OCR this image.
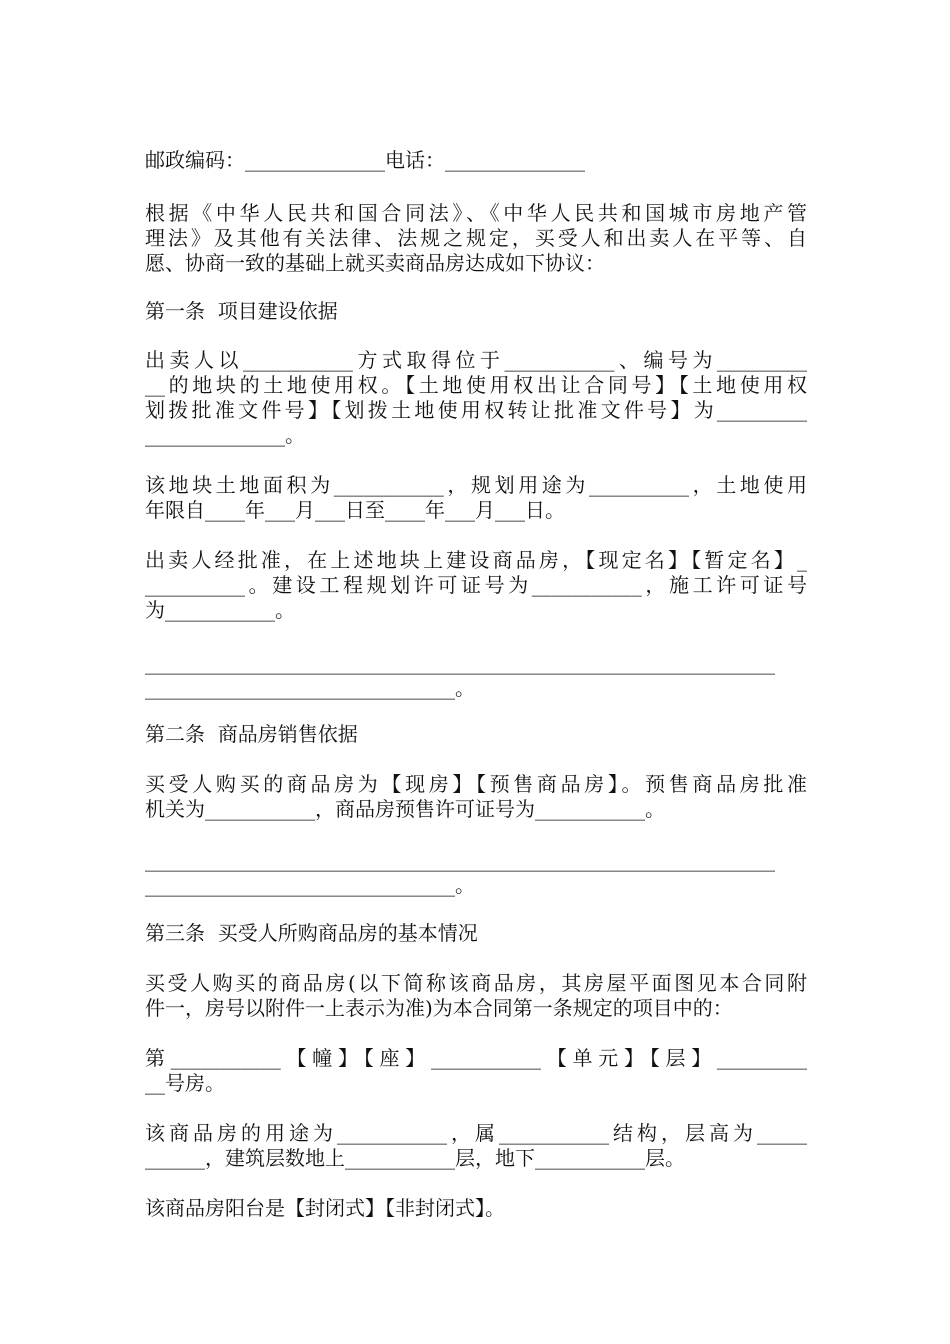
邮政编码：______________电话：______________
根据《中华人民共和国合同法》、《中华人民共和国城市房地产管
理法》及其他有关法律、法规之规定，买受人和出卖人在平等、自
愿、协商一致的基础上就买卖商品房达成如下协议：
第一条  项目建设依据
出卖人以___________方式取得位于___________、编号为_________
__的地块的土地使用权。【土地使用权出让合同号】【土地使用权
划拨批准文件号】【划拨土地使用权转让批准文件号】为_________
______________。
该地块土地面积为___________，规划用途为__________，土地使用
年限自____年___月___日至____年___月___日。
出卖人经批准，在上述地块上建设商品房，【现定名】【暂定名】_
__________。建设工程规划许可证号为___________，施工许可证号
为___________。
_______________________________________________________________
_______________________________。
第二条  商品房销售依据
买受人购买的商品房为【现房】【预售商品房】。预售商品房批准
机关为___________，商品房预售许可证号为___________。
_______________________________________________________________
_______________________________。
第三条  买受人所购商品房的基本情况
买受人购买的商品房(以下简称该商品房，其房屋平面图见本合同附
件一，房号以附件一上表示为准)为本合同第一条规定的项目中的：
第___________【幢】【座】___________【单元】【层】_________
__号房。
该商品房的用途为___________，属___________结构，层高为_____
______，建筑层数地上___________层，地下___________层。
该商品房阳台是【封闭式】【非封闭式】。
